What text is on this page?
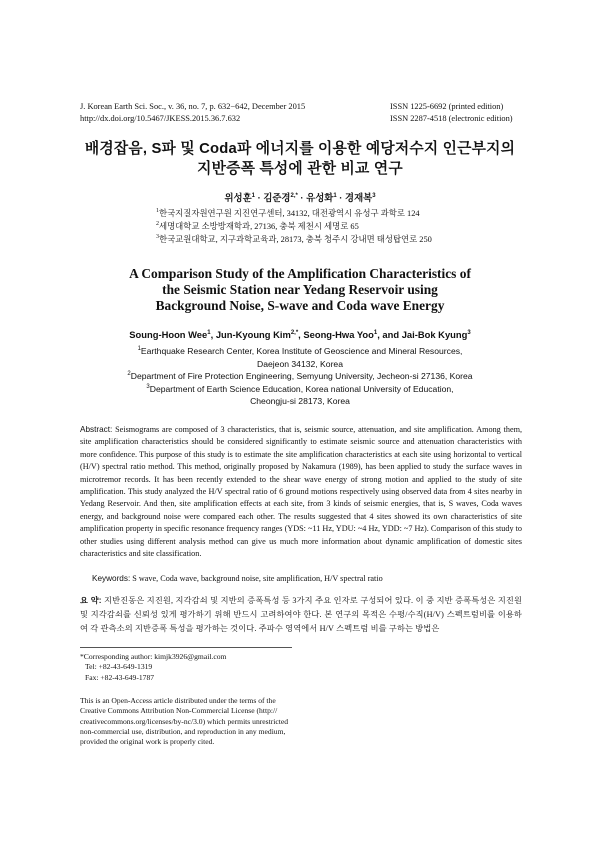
J. Korean Earth Sci. Soc., v. 36, no. 7, p. 632−642, December 2015
http://dx.doi.org/10.5467/JKESS.2015.36.7.632
ISSN 1225-6692 (printed edition)
ISSN 2287-4518 (electronic edition)
배경잡음, S파 및 Coda파 에너지를 이용한 예당저수지 인근부지의
지반증폭 특성에 관한 비교 연구
위성훈$^1$ · 김준경$^{2,*}$ · 유성화$^1$ · 경재복$^3$
$^1$한국지질자원연구원 지진연구센터, 34132, 대전광역시 유성구 과학로 124
$^2$세명대학교 소방방재학과, 27136, 충북 제천시 세명로 65
$^3$한국교원대학교, 지구과학교육과, 28173, 충북 청주시 강내면 태성탑연로 250
A Comparison Study of the Amplification Characteristics of
the Seismic Station near Yedang Reservoir using
Background Noise, S-wave and Coda wave Energy
Soung-Hoon Wee$^1$, Jun-Kyoung Kim$^{2,*}$, Seong-Hwa Yoo$^1$, and Jai-Bok Kyung$^3$
$^1$Earthquake Research Center, Korea Institute of Geoscience and Mineral Resources,
Daejeon 34132, Korea
$^2$Department of Fire Protection Engineering, Semyung University, Jecheon-si 27136, Korea
$^3$Department of Earth Science Education, Korea national University of Education,
Cheongju-si 28173, Korea
Abstract: Seismograms are composed of 3 characteristics, that is, seismic source, attenuation, and site amplification. Among them, site amplification characteristics should be considered significantly to estimate seismic source and attenuation characteristics with more confidence. This purpose of this study is to estimate the site amplification characteristics at each site using horizontal to vertical (H/V) spectral ratio method. This method, originally proposed by Nakamura (1989), has been applied to study the surface waves in microtremor records. It has been recently extended to the shear wave energy of strong motion and applied to the study of site amplification. This study analyzed the H/V spectral ratio of 6 ground motions respectively using observed data from 4 sites nearby in Yedang Reservoir. And then, site amplification effects at each site, from 3 kinds of seismic energies, that is, S waves, Coda waves energy, and background noise were compared each other. The results suggested that 4 sites showed its own characteristics of site amplification property in specific resonance frequency ranges (YDS: ~11 Hz, YDU: ~4 Hz, YDD: ~7 Hz). Comparison of this study to other studies using different analysis method can give us much more information about dynamic amplification of domestic sites characteristics and site classification.
Keywords: S wave, Coda wave, background noise, site amplification, H/V spectral ratio
요 약: 지반진동은 지진원, 지각감쇠 및 지반의 증폭특성 등 3가지 주요 인자로 구성되어 있다. 이 중 지반 증폭특성은 지진원 및 지각감쇠를 신뢰성 있게 평가하기 위해 반드시 고려하여야 한다. 본 연구의 목적은 수평/수직(H/V) 스펙트럼비를 이용하여 각 관측소의 지반증폭 특성을 평가하는 것이다. 주파수 영역에서 H/V 스펙트럼 비를 구하는 방법은
*Corresponding author: kimjk3926@gmail.com
Tel: +82-43-649-1319
Fax: +82-43-649-1787
This is an Open-Access article distributed under the terms of the
Creative Commons Attribution Non-Commercial License (http://
creativecommons.org/licenses/by-nc/3.0) which permits unrestricted
non-commercial use, distribution, and reproduction in any medium,
provided the original work is properly cited.
